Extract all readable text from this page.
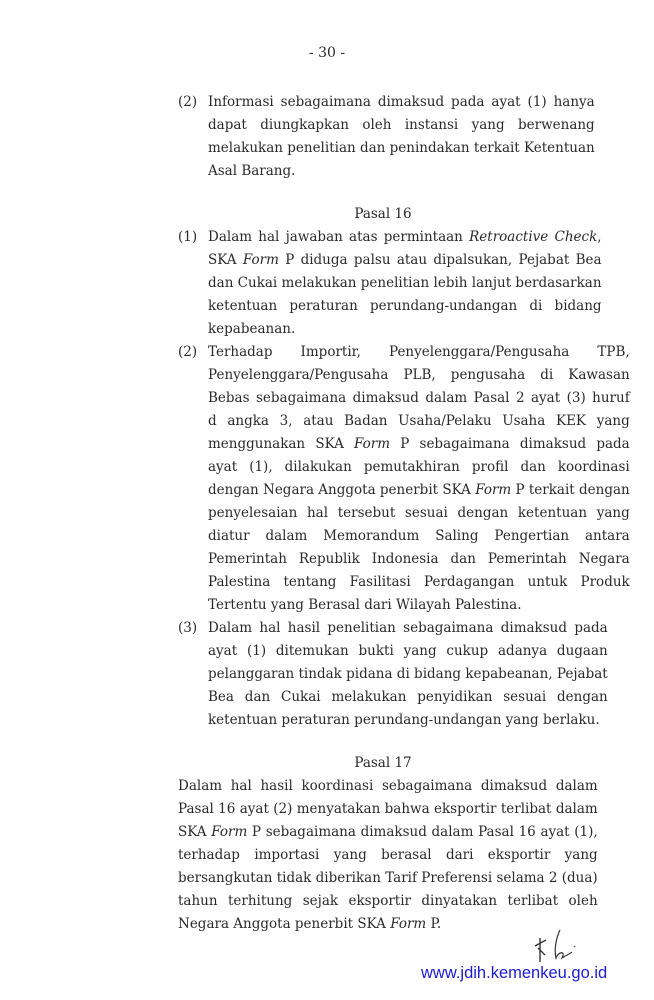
- 30 -
(2) Informasi sebagaimana dimaksud pada ayat (1) hanya
dapat diungkapkan oleh instansi yang berwenang
melakukan penelitian dan penindakan terkait Ketentuan
Asal Barang.
Pasal 16
(1) Dalam hal jawaban atas permintaan Retroactive Check,
SKA Form P diduga palsu atau dipalsukan, Pejabat Bea
dan Cukai melakukan penelitian lebih lanjut berdasarkan
ketentuan peraturan perundang-undangan di bidang
kepabeanan.
(2) Terhadap Importir, Penyelenggara/Pengusaha TPB,
Penyelenggara/Pengusaha PLB, pengusaha di Kawasan
Bebas sebagaimana dimaksud dalam Pasal 2 ayat (3) huruf
d angka 3, atau Badan Usaha/Pelaku Usaha KEK yang
menggunakan SKA Form P sebagaimana dimaksud pada
ayat (1), dilakukan pemutakhiran profil dan koordinasi
dengan Negara Anggota penerbit SKA Form P terkait dengan
penyelesaian hal tersebut sesuai dengan ketentuan yang
diatur dalam Memorandum Saling Pengertian antara
Pemerintah Republik Indonesia dan Pemerintah Negara
Palestina tentang Fasilitasi Perdagangan untuk Produk
Tertentu yang Berasal dari Wilayah Palestina.
(3) Dalam hal hasil penelitian sebagaimana dimaksud pada
ayat (1) ditemukan bukti yang cukup adanya dugaan
pelanggaran tindak pidana di bidang kepabeanan, Pejabat
Bea dan Cukai melakukan penyidikan sesuai dengan
ketentuan peraturan perundang-undangan yang berlaku.
Pasal 17
Dalam hal hasil koordinasi sebagaimana dimaksud dalam
Pasal 16 ayat (2) menyatakan bahwa eksportir terlibat dalam
SKA Form P sebagaimana dimaksud dalam Pasal 16 ayat (1),
terhadap importasi yang berasal dari eksportir yang
bersangkutan tidak diberikan Tarif Preferensi selama 2 (dua)
tahun terhitung sejak eksportir dinyatakan terlibat oleh
Negara Anggota penerbit SKA Form P.
www.jdih.kemenkeu.go.id
